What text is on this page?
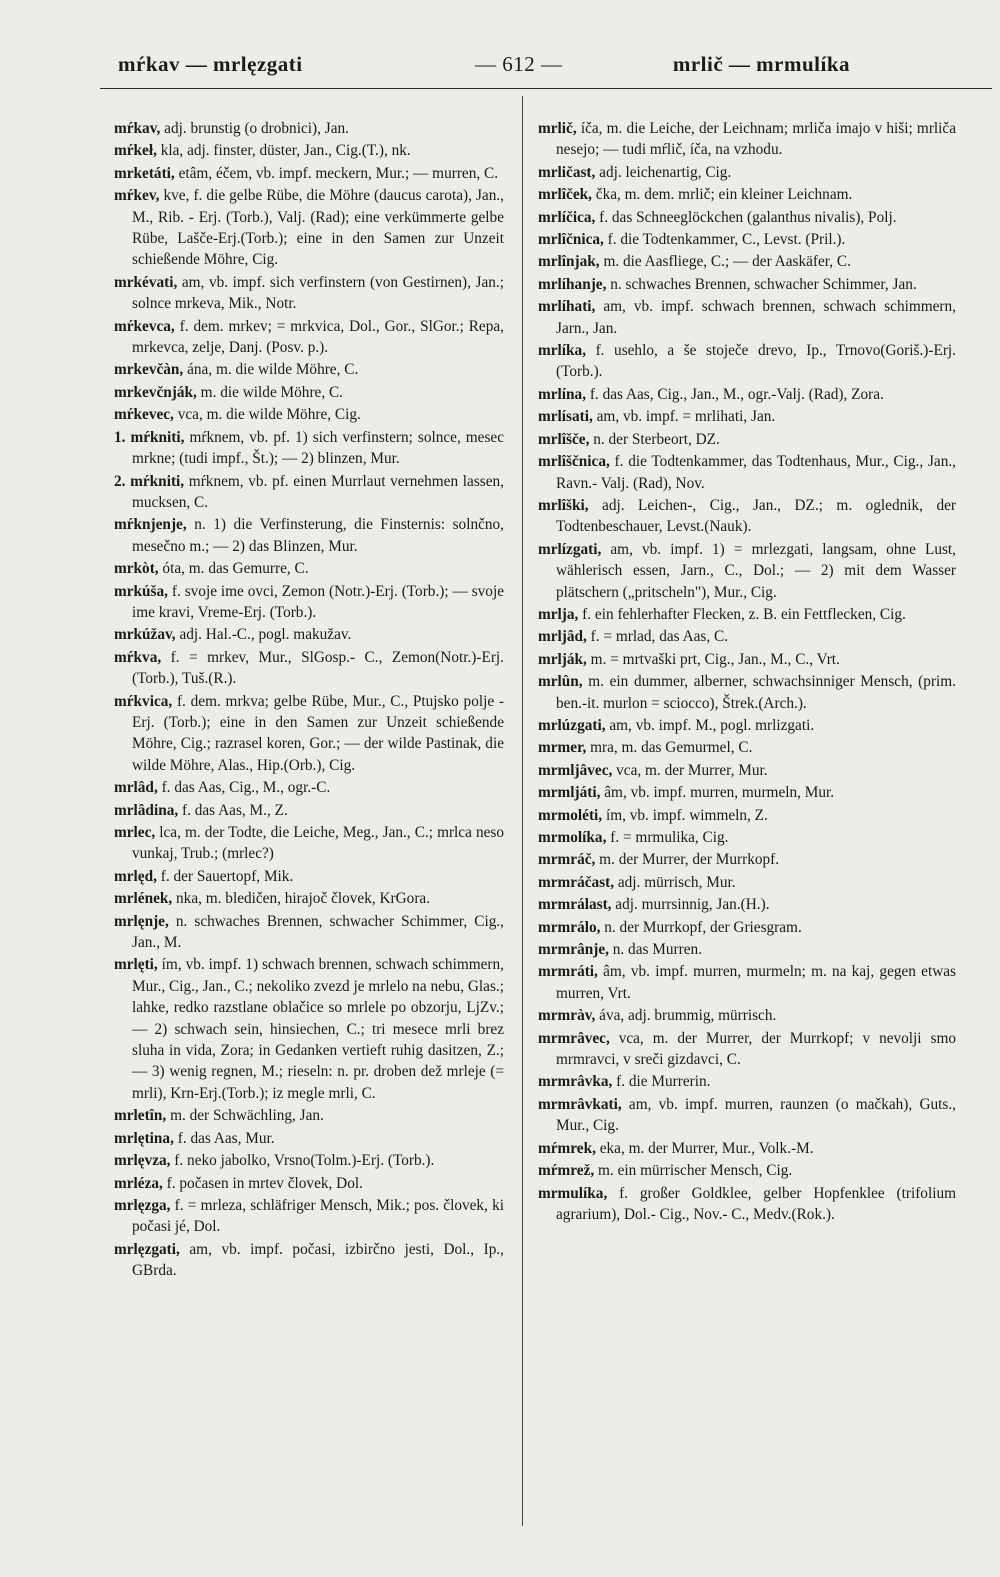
mŕkav — mrlęzgati	— 612 —	mrlič — mrmulíka

mŕkav, adj. brunstig (o drobnici), Jan.

mŕkeł, kla, adj. finster, düster, Jan., Cig.(T.), nk.

mrketáti, etâm, éčem, vb. impf. meckern, Mur.; — murren, C.

mŕkev, kve, f. die gelbe Rübe, die Möhre (daucus carota), Jan., M., Rib. - Erj. (Torb.), Valj. (Rad); eine verkümmerte gelbe Rübe, Lašče-Erj.(Torb.); eine in den Samen zur Unzeit schießende Möhre, Cig.

mrkévati, am, vb. impf. sich verfinstern (von Gestirnen), Jan.; solnce mrkeva, Mik., Notr.

mŕkevca, f. dem. mrkev; = mrkvica, Dol., Gor., SlGor.; Repa, mrkevca, zelje, Danj. (Posv. p.).

mrkevčàn, ána, m. die wilde Möhre, C.

mrkevčnják, m. die wilde Möhre, C.

mŕkevec, vca, m. die wilde Möhre, Cig.

1. mŕkniti, mŕknem, vb. pf. 1) sich verfinstern; solnce, mesec mrkne; (tudi impf., Št.); — 2) blinzen, Mur.

2. mŕkniti, mŕknem, vb. pf. einen Murrlaut vernehmen lassen, mucksen, C.

mŕknjenje, n. 1) die Verfinsterung, die Finsternis: solnčno, mesečno m.; — 2) das Blinzen, Mur.

mrkòt, óta, m. das Gemurre, C.

mrkúša, f. svoje ime ovci, Zemon (Notr.)-Erj. (Torb.); — svoje ime kravi, Vreme-Erj. (Torb.).

mrkúžav, adj. Hal.-C., pogl. makužav.

mŕkva, f. = mrkev, Mur., SlGosp.- C., Zemon(Notr.)-Erj.(Torb.), Tuš.(R.).

mŕkvica, f. dem. mrkva; gelbe Rübe, Mur., C., Ptujsko polje - Erj. (Torb.); eine in den Samen zur Unzeit schießende Möhre, Cig.; razrasel koren, Gor.; — der wilde Pastinak, die wilde Möhre, Alas., Hip.(Orb.), Cig.

mrlâd, f. das Aas, Cig., M., ogr.-C.

mrlâdina, f. das Aas, M., Z.

mrlec, lca, m. der Todte, die Leiche, Meg., Jan., C.; mrlca neso vunkaj, Trub.; (mrlec?)

mrlęd, f. der Sauertopf, Mik.

mrlének, nka, m. bledičen, hirajoč človek, KrGora.

mrlęnje, n. schwaches Brennen, schwacher Schimmer, Cig., Jan., M.

mrlęti, ím, vb. impf. 1) schwach brennen, schwach schimmern, Mur., Cig., Jan., C.; nekoliko zvezd je mrlelo na nebu, Glas.; lahke, redko razstlane oblačice so mrlele po obzorju, LjZv.; — 2) schwach sein, hinsiechen, C.; tri mesece mrli brez sluha in vida, Zora; in Gedanken vertieft ruhig dasitzen, Z.; — 3) wenig regnen, M.; rieseln: n. pr. droben dež mrleje (= mrli), Krn-Erj.(Torb.); iz megle mrli, C.

mrletîn, m. der Schwächling, Jan.

mrlętina, f. das Aas, Mur.

mrlęvza, f. neko jabolko, Vrsno(Tolm.)-Erj. (Torb.).

mrléza, f. počasen in mrtev človek, Dol.

mrlęzga, f. = mrleza, schläfriger Mensch, Mik.; pos. človek, ki počasi jé, Dol.

mrlęzgati, am, vb. impf. počasi, izbirčno jesti, Dol., Ip., GBrda.

mrlič, íča, m. die Leiche, der Leichnam; mrliča imajo v hiši; mrliča nesejo; — tudi mŕlič, íča, na vzhodu.

mrličast, adj. leichenartig, Cig.

mrlîček, čka, m. dem. mrlič; ein kleiner Leichnam.

mrlíčica, f. das Schneeglöckchen (galanthus nivalis), Polj.

mrlîčnica, f. die Todtenkammer, C., Levst. (Pril.).

mrlînjak, m. die Aasfliege, C.; — der Aaskäfer, C.

mrlíhanje, n. schwaches Brennen, schwacher Schimmer, Jan.

mrlíhati, am, vb. impf. schwach brennen, schwach schimmern, Jarn., Jan.

mrlíka, f. usehlo, a še stoječe drevo, Ip., Trnovo(Goriš.)-Erj.(Torb.).

mrlína, f. das Aas, Cig., Jan., M., ogr.-Valj. (Rad), Zora.

mrlísati, am, vb. impf. = mrlihati, Jan.

mrlîšče, n. der Sterbeort, DZ.

mrlîščnica, f. die Todtenkammer, das Todtenhaus, Mur., Cig., Jan., Ravn.- Valj. (Rad), Nov.

mrlîški, adj. Leichen-, Cig., Jan., DZ.; m. oglednik, der Todtenbeschauer, Levst.(Nauk).

mrlízgati, am, vb. impf. 1) = mrlezgati, langsam, ohne Lust, wählerisch essen, Jarn., C., Dol.; — 2) mit dem Wasser plätschern („pritscheln"), Mur., Cig.

mrlja, f. ein fehlerhafter Flecken, z. B. ein Fettflecken, Cig.

mrljâd, f. = mrlad, das Aas, C.

mrlják, m. = mrtvaški prt, Cig., Jan., M., C., Vrt.

mrlûn, m. ein dummer, alberner, schwachsinniger Mensch, (prim. ben.-it. murlon = sciocco), Štrek.(Arch.).

mrlúzgati, am, vb. impf. M., pogl. mrlizgati.

mrmer, mra, m. das Gemurmel, C.

mrmljâvec, vca, m. der Murrer, Mur.

mrmljáti, âm, vb. impf. murren, murmeln, Mur.

mrmoléti, ím, vb. impf. wimmeln, Z.

mrmolíka, f. = mrmulika, Cig.

mrmráč, m. der Murrer, der Murrkopf.

mrmráčast, adj. mürrisch, Mur.

mrmrálast, adj. murrsinnig, Jan.(H.).

mrmrálo, n. der Murrkopf, der Griesgram.

mrmrânje, n. das Murren.

mrmráti, âm, vb. impf. murren, murmeln; m. na kaj, gegen etwas murren, Vrt.

mrmràv, áva, adj. brummig, mürrisch.

mrmrâvec, vca, m. der Murrer, der Murrkopf; v nevolji smo mrmravci, v sreči gizdavci, C.

mrmrâvka, f. die Murrerin.

mrmrâvkati, am, vb. impf. murren, raunzen (o mačkah), Guts., Mur., Cig.

mŕmrek, eka, m. der Murrer, Mur., Volk.-M.

mŕmrež, m. ein mürrischer Mensch, Cig.

mrmulíka, f. großer Goldklee, gelber Hopfenklee (trifolium agrarium), Dol.- Cig., Nov.- C., Medv.(Rok.).
